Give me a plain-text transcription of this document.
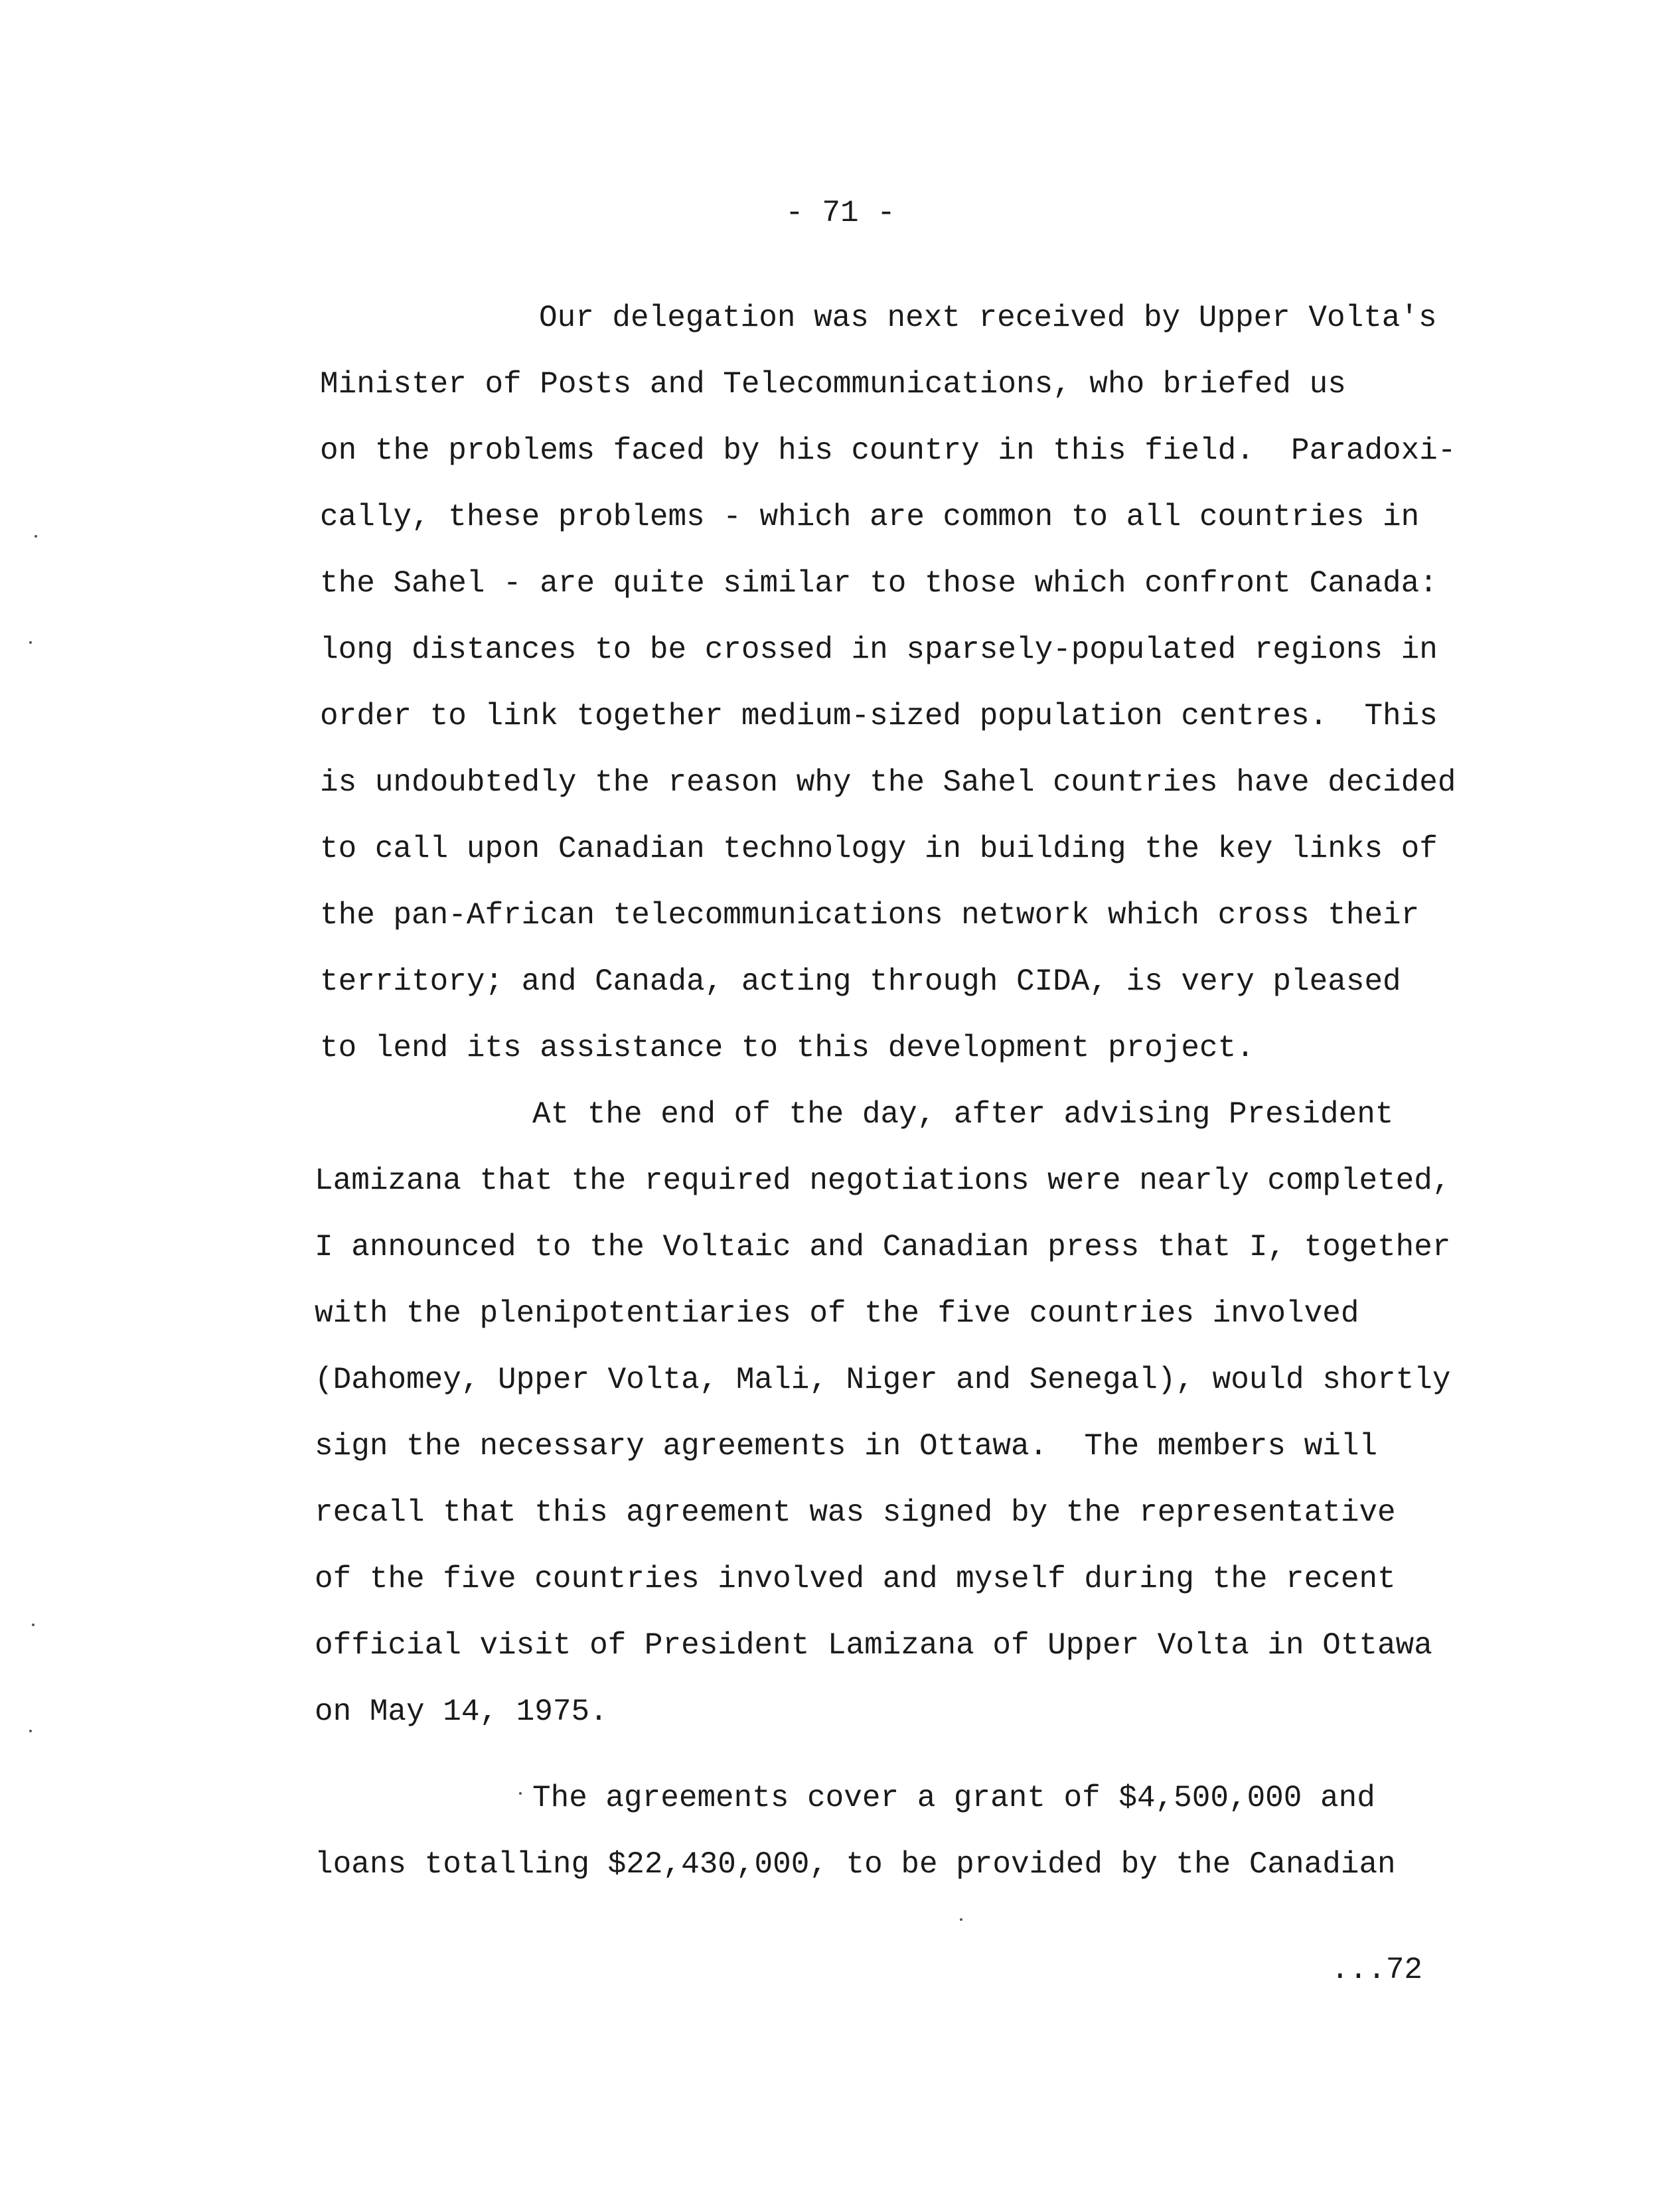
- 71 -
Our delegation was next received by Upper Volta's
Minister of Posts and Telecommunications, who briefed us
on the problems faced by his country in this field.  Paradoxi-
cally, these problems - which are common to all countries in
the Sahel - are quite similar to those which confront Canada:
long distances to be crossed in sparsely-populated regions in
order to link together medium-sized population centres.  This
is undoubtedly the reason why the Sahel countries have decided
to call upon Canadian technology in building the key links of
the pan-African telecommunications network which cross their
territory; and Canada, acting through CIDA, is very pleased
to lend its assistance to this development project.
At the end of the day, after advising President
Lamizana that the required negotiations were nearly completed,
I announced to the Voltaic and Canadian press that I, together
with the plenipotentiaries of the five countries involved
(Dahomey, Upper Volta, Mali, Niger and Senegal), would shortly
sign the necessary agreements in Ottawa.  The members will
recall that this agreement was signed by the representative
of the five countries involved and myself during the recent
official visit of President Lamizana of Upper Volta in Ottawa
on May 14, 1975.
The agreements cover a grant of $4,500,000 and
loans totalling $22,430,000, to be provided by the Canadian
...72
